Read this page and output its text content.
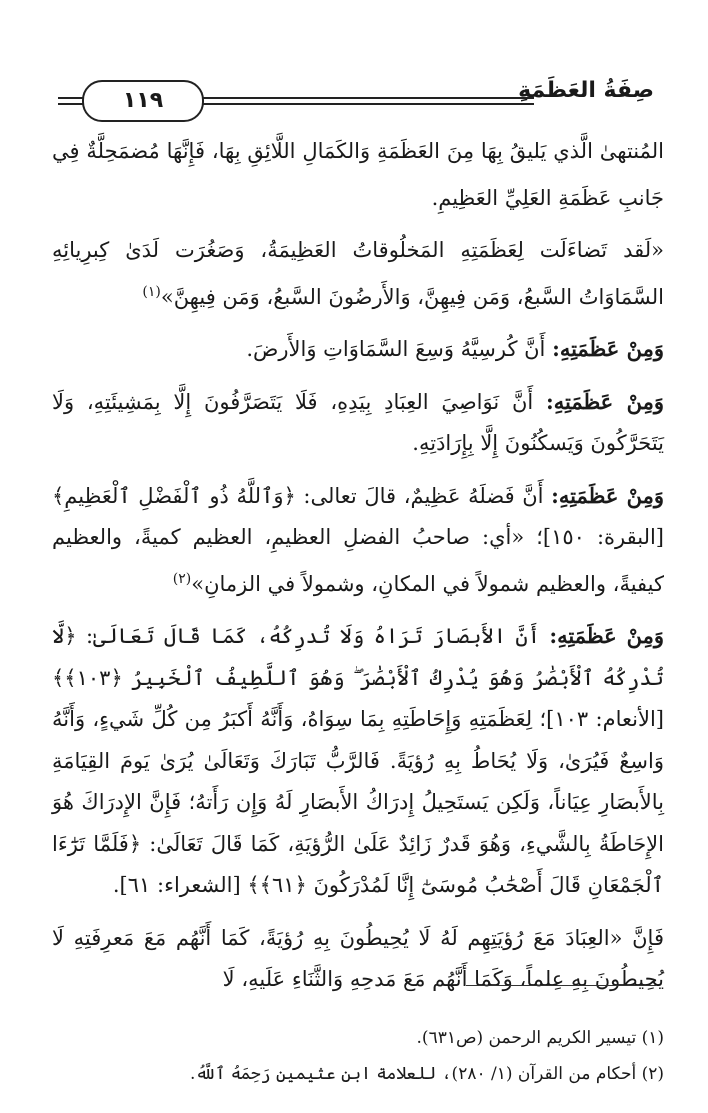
١١٩	صِفَةُ العَظَمَةِ

المُنتهىٰ الَّذي يَليقُ بِهَا مِنَ العَظَمَةِ وَالكَمَالِ اللَّائِقِ بِهَا، فَإِنَّهَا مُضمَحِلَّةٌ فِي جَانبِ عَظَمَةِ العَلِيِّ العَظِيمِ.

«لَقد تَضاءَلَت لِعَظَمَتِهِ المَخلُوقاتُ العَظِيمَةُ، وَصَغُرَت لَدَىٰ كِبرِيائِهِ السَّمَاوَاتُ السَّبعُ، وَمَن فِيهِنَّ، وَالأَرضُونَ السَّبعُ، وَمَن فِيهِنَّ»$^{(١)}$

وَمِنْ عَظَمَتِهِ: أَنَّ كُرسِيَّهُ وَسِعَ السَّمَاوَاتِ وَالأَرضَ.

وَمِنْ عَظَمَتِهِ: أَنَّ نَوَاصِيَ العِبَادِ بِيَدِهِ، فَلَا يَتَصَرَّفُونَ إِلَّا بِمَشِيئَتِهِ، وَلَا يَتَحَرَّكُونَ وَيَسكُنُونَ إِلَّا بِإِرَادَتِهِ.

وَمِنْ عَظَمَتِهِ: أَنَّ فَضلَهُ عَظِيمٌ، قالَ تعالى: ﴿وَٱللَّهُ ذُو ٱلْفَضْلِ ٱلْعَظِيمِ﴾ [البقرة: ١٥٠]؛ «أي: صاحبُ الفضلِ العظيمِ، العظيم كميةً، والعظيم كيفيةً، والعظيم شمولاً في المكانِ، وشمولاً في الزمانِ»$^{(٢)}$

وَمِنْ عَظَمَتِهِ: أَنَّ الأَبصَارَ تَرَاهُ وَلَا تُدرِكُهُ، كَمَا قَالَ تَعَالَىٰ: ﴿لَّا تُدْرِكُهُ ٱلْأَبْصَٰرُ وَهُوَ يُدْرِكُ ٱلْأَبْصَٰرَ ۖ وَهُوَ ٱللَّطِيفُ ٱلْخَبِيرُ ﴿١٠٣﴾﴾ [الأنعام: ١٠٣]؛ لِعَظَمَتِهِ وَإِحَاطَتِهِ بِمَا سِوَاهُ، وَأَنَّهُ أَكبَرُ مِن كُلِّ شَيءٍ، وَأَنَّهُ وَاسِعٌ فَيُرَىٰ، وَلَا يُحَاطُ بِهِ رُؤيَةً. فَالرَّبُّ تَبَارَكَ وَتَعَالَىٰ يُرَىٰ يَومَ القِيَامَةِ بِالأَبصَارِ عِيَاناً، وَلَكِن يَستَحِيلُ إِدرَاكُ الأَبصَارِ لَهُ وَإِن رَأَتهُ؛ فَإِنَّ الإِدرَاكَ هُوَ الإِحَاطَةُ بِالشَّيءِ، وَهُوَ قَدرٌ زَائِدٌ عَلَىٰ الرُّؤيَةِ، كَمَا قَالَ تَعَالَىٰ: ﴿فَلَمَّا تَرَٰٓءَا ٱلْجَمْعَانِ قَالَ أَصْحَٰبُ مُوسَىٰٓ إِنَّا لَمُدْرَكُونَ ﴿٦١﴾﴾ [الشعراء: ٦١].

فَإِنَّ «العِبَادَ مَعَ رُؤيَتِهِم لَهُ لَا يُحِيطُونَ بِهِ رُؤيَةً، كَمَا أَنَّهُم مَعَ مَعرِفَتِهِ لَا يُحِيطُونَ بِهِ عِلماً، وَكَمَا أَنَّهُم مَعَ مَدحِهِ وَالثَّنَاءِ عَلَيهِ، لَا

(١) تيسير الكريم الرحمن (ص٦٣١).

(٢) أحكام من القرآن (١/ ٢٨٠)، للعلامة ابن عثيمين رَحِمَهُ ٱللَّهُ.
